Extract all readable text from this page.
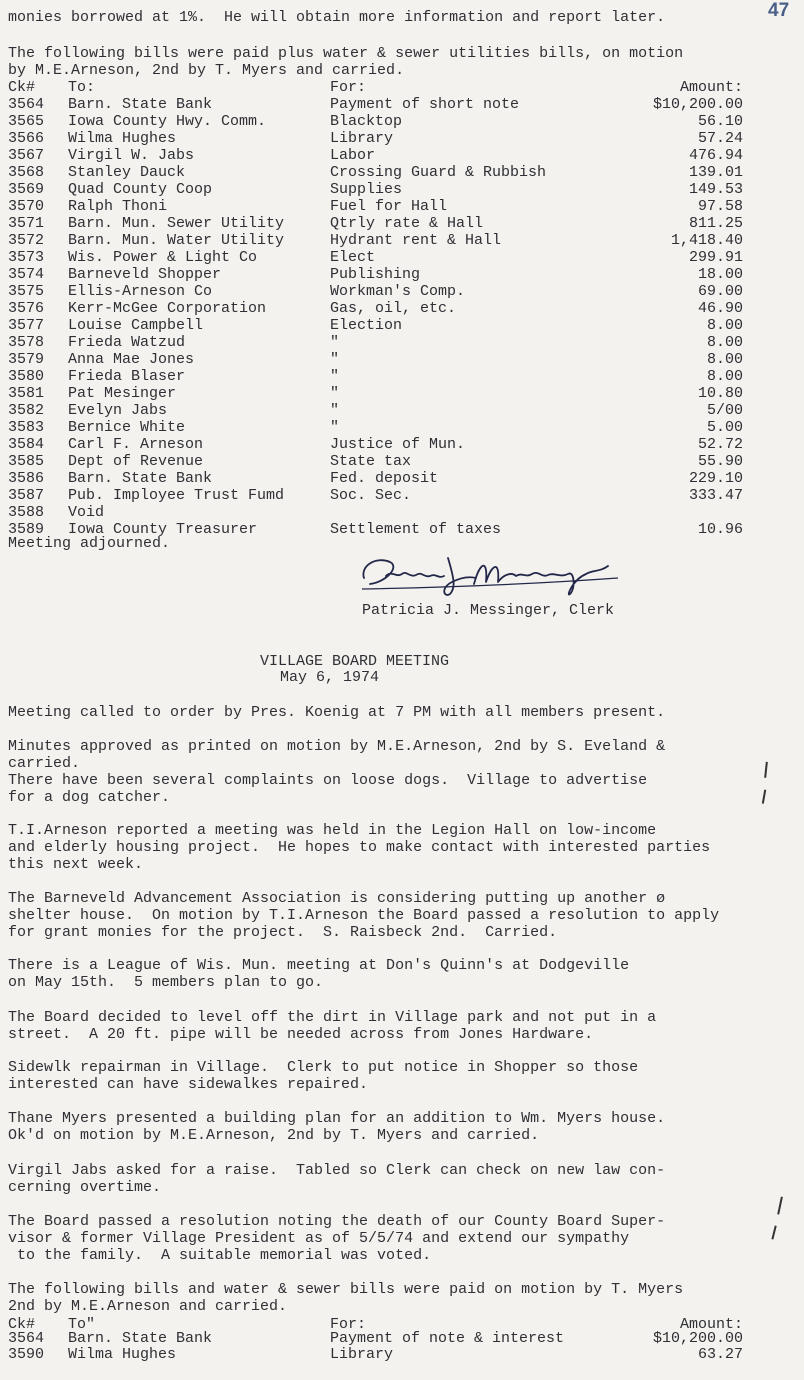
47
monies borrowed at 1%.  He will obtain more information and report later.
The following bills were paid plus water & sewer utilities bills, on motion
by M.E.Arneson, 2nd by T. Myers and carried.
Ck# To:	For:	Amount:
3564 Barn. State Bank	Payment of short note	$10,200.00
3565 Iowa County Hwy. Comm.	Blacktop	56.10
3566 Wilma Hughes	Library	57.24
3567 Virgil W. Jabs	Labor	476.94
3568 Stanley Dauck	Crossing Guard & Rubbish	139.01
3569 Quad County Coop	Supplies	149.53
3570 Ralph Thoni	Fuel for Hall	97.58
3571 Barn. Mun. Sewer Utility	Qtrly rate & Hall	811.25
3572 Barn. Mun. Water Utility	Hydrant rent & Hall	1,418.40
3573 Wis. Power & Light Co	Elect	299.91
3574 Barneveld Shopper	Publishing	18.00
3575 Ellis-Arneson Co	Workman's Comp.	69.00
3576 Kerr-McGee Corporation	Gas, oil, etc.	46.90
3577 Louise Campbell	Election	8.00
3578 Frieda Watzud	"	8.00
3579 Anna Mae Jones	"	8.00
3580 Frieda Blaser	"	8.00
3581 Pat Mesinger	"	10.80
3582 Evelyn Jabs	"	5/00
3583 Bernice White	"	5.00
3584 Carl F. Arneson	Justice of Mun.	52.72
3585 Dept of Revenue	State tax	55.90
3586 Barn. State Bank	Fed. deposit	229.10
3587 Pub. Imployee Trust Fumd	Soc. Sec.	333.47
3588 Void
3589 Iowa County Treasurer	Settlement of taxes	10.96
Meeting adjourned.
Patricia J. Messinger, Clerk
VILLAGE BOARD MEETING
May 6, 1974
Meeting called to order by Pres. Koenig at 7 PM with all members present.
Minutes approved as printed on motion by M.E.Arneson, 2nd by S. Eveland &
carried.
There have been several complaints on loose dogs.  Village to advertise
for a dog catcher.
T.I.Arneson reported a meeting was held in the Legion Hall on low-income
and elderly housing project.  He hopes to make contact with interested parties
this next week.
The Barneveld Advancement Association is considering putting up another ø
shelter house.  On motion by T.I.Arneson the Board passed a resolution to apply
for grant monies for the project.  S. Raisbeck 2nd.  Carried.
There is a League of Wis. Mun. meeting at Don's Quinn's at Dodgeville
on May 15th.  5 members plan to go.
The Board decided to level off the dirt in Village park and not put in a
street.  A 20 ft. pipe will be needed across from Jones Hardware.
Sidewlk repairman in Village.  Clerk to put notice in Shopper so those
interested can have sidewalkes repaired.
Thane Myers presented a building plan for an addition to Wm. Myers house.
Ok'd on motion by M.E.Arneson, 2nd by T. Myers and carried.
Virgil Jabs asked for a raise.  Tabled so Clerk can check on new law con-
cerning overtime.
The Board passed a resolution noting the death of our County Board Super-
visor & former Village President as of 5/5/74 and extend our sympathy
to the family.  A suitable memorial was voted.
The following bills and water & sewer bills were paid on motion by T. Myers
2nd by M.E.Arneson and carried.
Ck# To"	For:	Amount:
3564 Barn. State Bank	Payment of note & interest	$10,200.00
3590 Wilma Hughes	Library	63.27
